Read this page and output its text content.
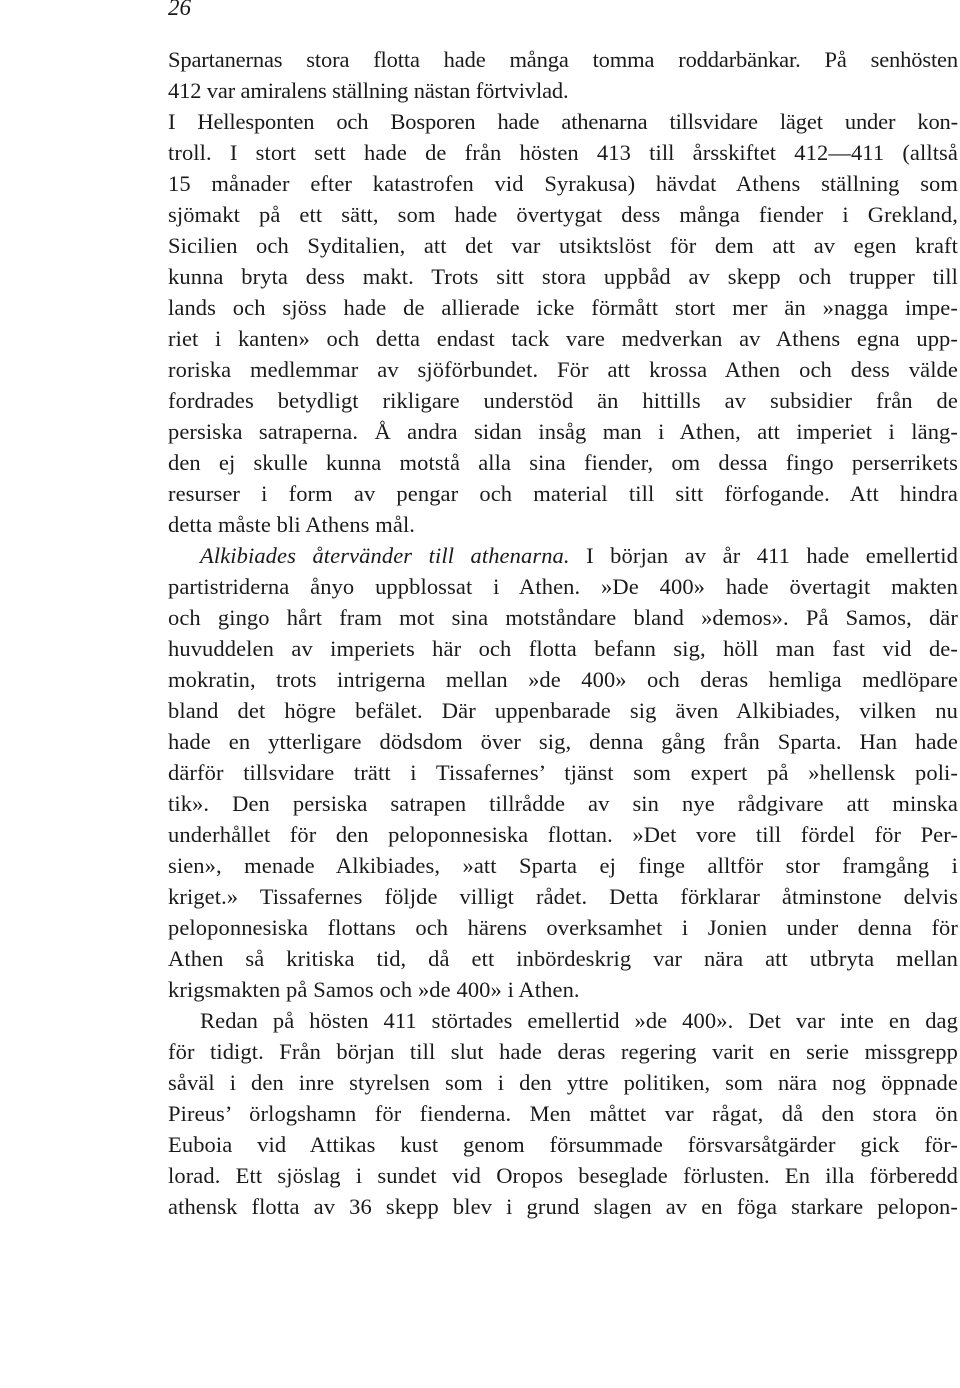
26
Spartanernas stora flotta hade många tomma roddarbänkar. På senhösten
412 var amiralens ställning nästan förtvivlad.
I Hellesponten och Bosporen hade athenarna tillsvidare läget under kon-
troll. I stort sett hade de från hösten 413 till årsskiftet 412—411 (alltså
15 månader efter katastrofen vid Syrakusa) hävdat Athens ställning som
sjömakt på ett sätt, som hade övertygat dess många fiender i Grekland,
Sicilien och Syditalien, att det var utsiktslöst för dem att av egen kraft
kunna bryta dess makt. Trots sitt stora uppbåd av skepp och trupper till
lands och sjöss hade de allierade icke förmått stort mer än »nagga impe-
riet i kanten» och detta endast tack vare medverkan av Athens egna upp-
roriska medlemmar av sjöförbundet. För att krossa Athen och dess välde
fordrades betydligt rikligare understöd än hittills av subsidier från de
persiska satraperna. Å andra sidan insåg man i Athen, att imperiet i läng-
den ej skulle kunna motstå alla sina fiender, om dessa fingo perserrikets
resurser i form av pengar och material till sitt förfogande. Att hindra
detta måste bli Athens mål.
Alkibiades återvänder till athenarna. I början av år 411 hade emellertid
partistriderna ånyo uppblossat i Athen. »De 400» hade övertagit makten
och gingo hårt fram mot sina motståndare bland »demos». På Samos, där
huvuddelen av imperiets här och flotta befann sig, höll man fast vid de-
mokratin, trots intrigerna mellan »de 400» och deras hemliga medlöpare
bland det högre befälet. Där uppenbarade sig även Alkibiades, vilken nu
hade en ytterligare dödsdom över sig, denna gång från Sparta. Han hade
därför tillsvidare trätt i Tissafernes’ tjänst som expert på »hellensk poli-
tik». Den persiska satrapen tillrådde av sin nye rådgivare att minska
underhållet för den peloponnesiska flottan. »Det vore till fördel för Per-
sien», menade Alkibiades, »att Sparta ej finge alltför stor framgång i
kriget.» Tissafernes följde villigt rådet. Detta förklarar åtminstone delvis
peloponnesiska flottans och härens overksamhet i Jonien under denna för
Athen så kritiska tid, då ett inbördeskrig var nära att utbryta mellan
krigsmakten på Samos och »de 400» i Athen.
Redan på hösten 411 störtades emellertid »de 400». Det var inte en dag
för tidigt. Från början till slut hade deras regering varit en serie missgrepp
såväl i den inre styrelsen som i den yttre politiken, som nära nog öppnade
Pireus’ örlogshamn för fienderna. Men måttet var rågat, då den stora ön
Euboia vid Attikas kust genom försummade försvarsåtgärder gick för-
lorad. Ett sjöslag i sundet vid Oropos beseglade förlusten. En illa förberedd
athensk flotta av 36 skepp blev i grund slagen av en föga starkare pelopon-
